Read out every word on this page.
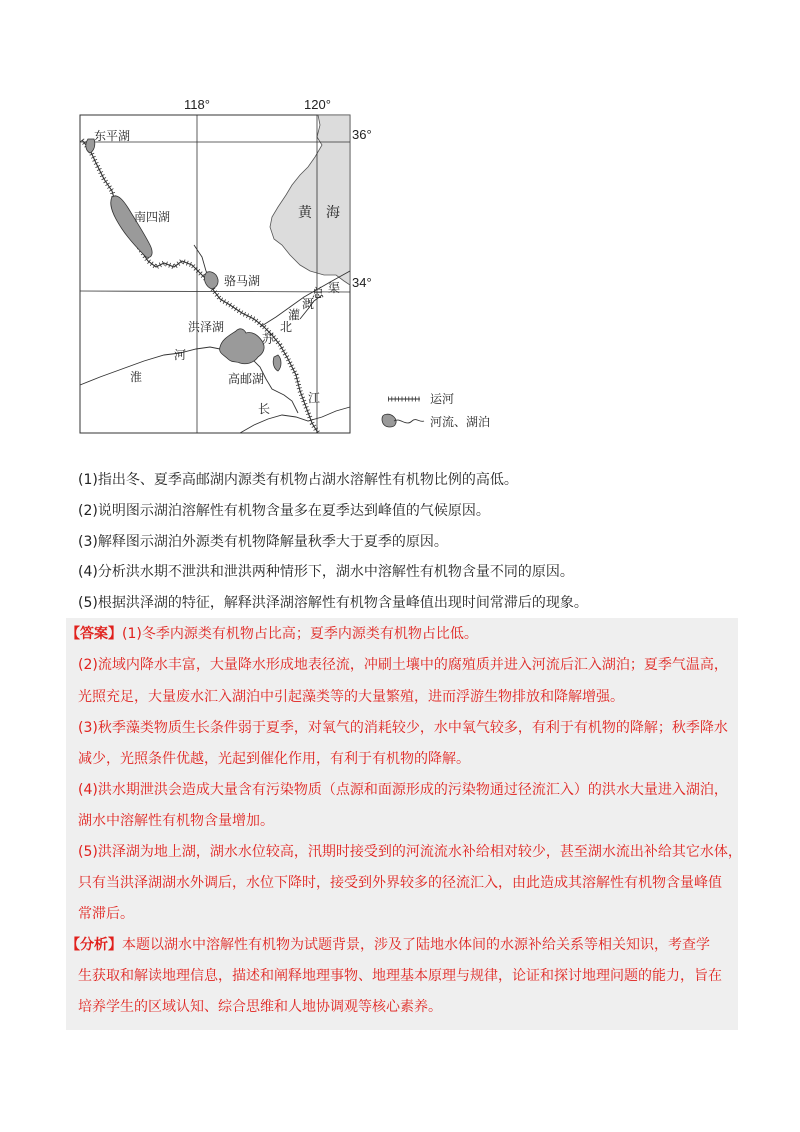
118°	120°
36°
34°
东平湖
南四湖
骆马湖
洪泽湖
高邮湖
黄 海
淮
河
苏
北
灌
溉
总 渠
长
江	运河
河流、湖泊
(1)指出冬、夏季高邮湖内源类有机物占湖水溶解性有机物比例的高低。
(2)说明图示湖泊溶解性有机物含量多在夏季达到峰值的气候原因。
(3)解释图示湖泊外源类有机物降解量秋季大于夏季的原因。
(4)分析洪水期不泄洪和泄洪两种情形下，湖水中溶解性有机物含量不同的原因。
(5)根据洪泽湖的特征，解释洪泽湖溶解性有机物含量峰值出现时间常滞后的现象。
【答案】(1)冬季内源类有机物占比高；夏季内源类有机物占比低。
(2)流域内降水丰富，大量降水形成地表径流，冲刷土壤中的腐殖质并进入河流后汇入湖泊；夏季气温高，
光照充足，大量废水汇入湖泊中引起藻类等的大量繁殖，进而浮游生物排放和降解增强。
(3)秋季藻类物质生长条件弱于夏季，对氧气的消耗较少，水中氧气较多，有利于有机物的降解；秋季降水
减少，光照条件优越，光起到催化作用，有利于有机物的降解。
(4)洪水期泄洪会造成大量含有污染物质（点源和面源形成的污染物通过径流汇入）的洪水大量进入湖泊，
湖水中溶解性有机物含量增加。
(5)洪泽湖为地上湖，湖水水位较高，汛期时接受到的河流流水补给相对较少，甚至湖水流出补给其它水体，
只有当洪泽湖湖水外调后，水位下降时，接受到外界较多的径流汇入，由此造成其溶解性有机物含量峰值
常滞后。
【分析】本题以湖水中溶解性有机物为试题背景，涉及了陆地水体间的水源补给关系等相关知识，考查学
生获取和解读地理信息，描述和阐释地理事物、地理基本原理与规律，论证和探讨地理问题的能力，旨在
培养学生的区域认知、综合思维和人地协调观等核心素养。
